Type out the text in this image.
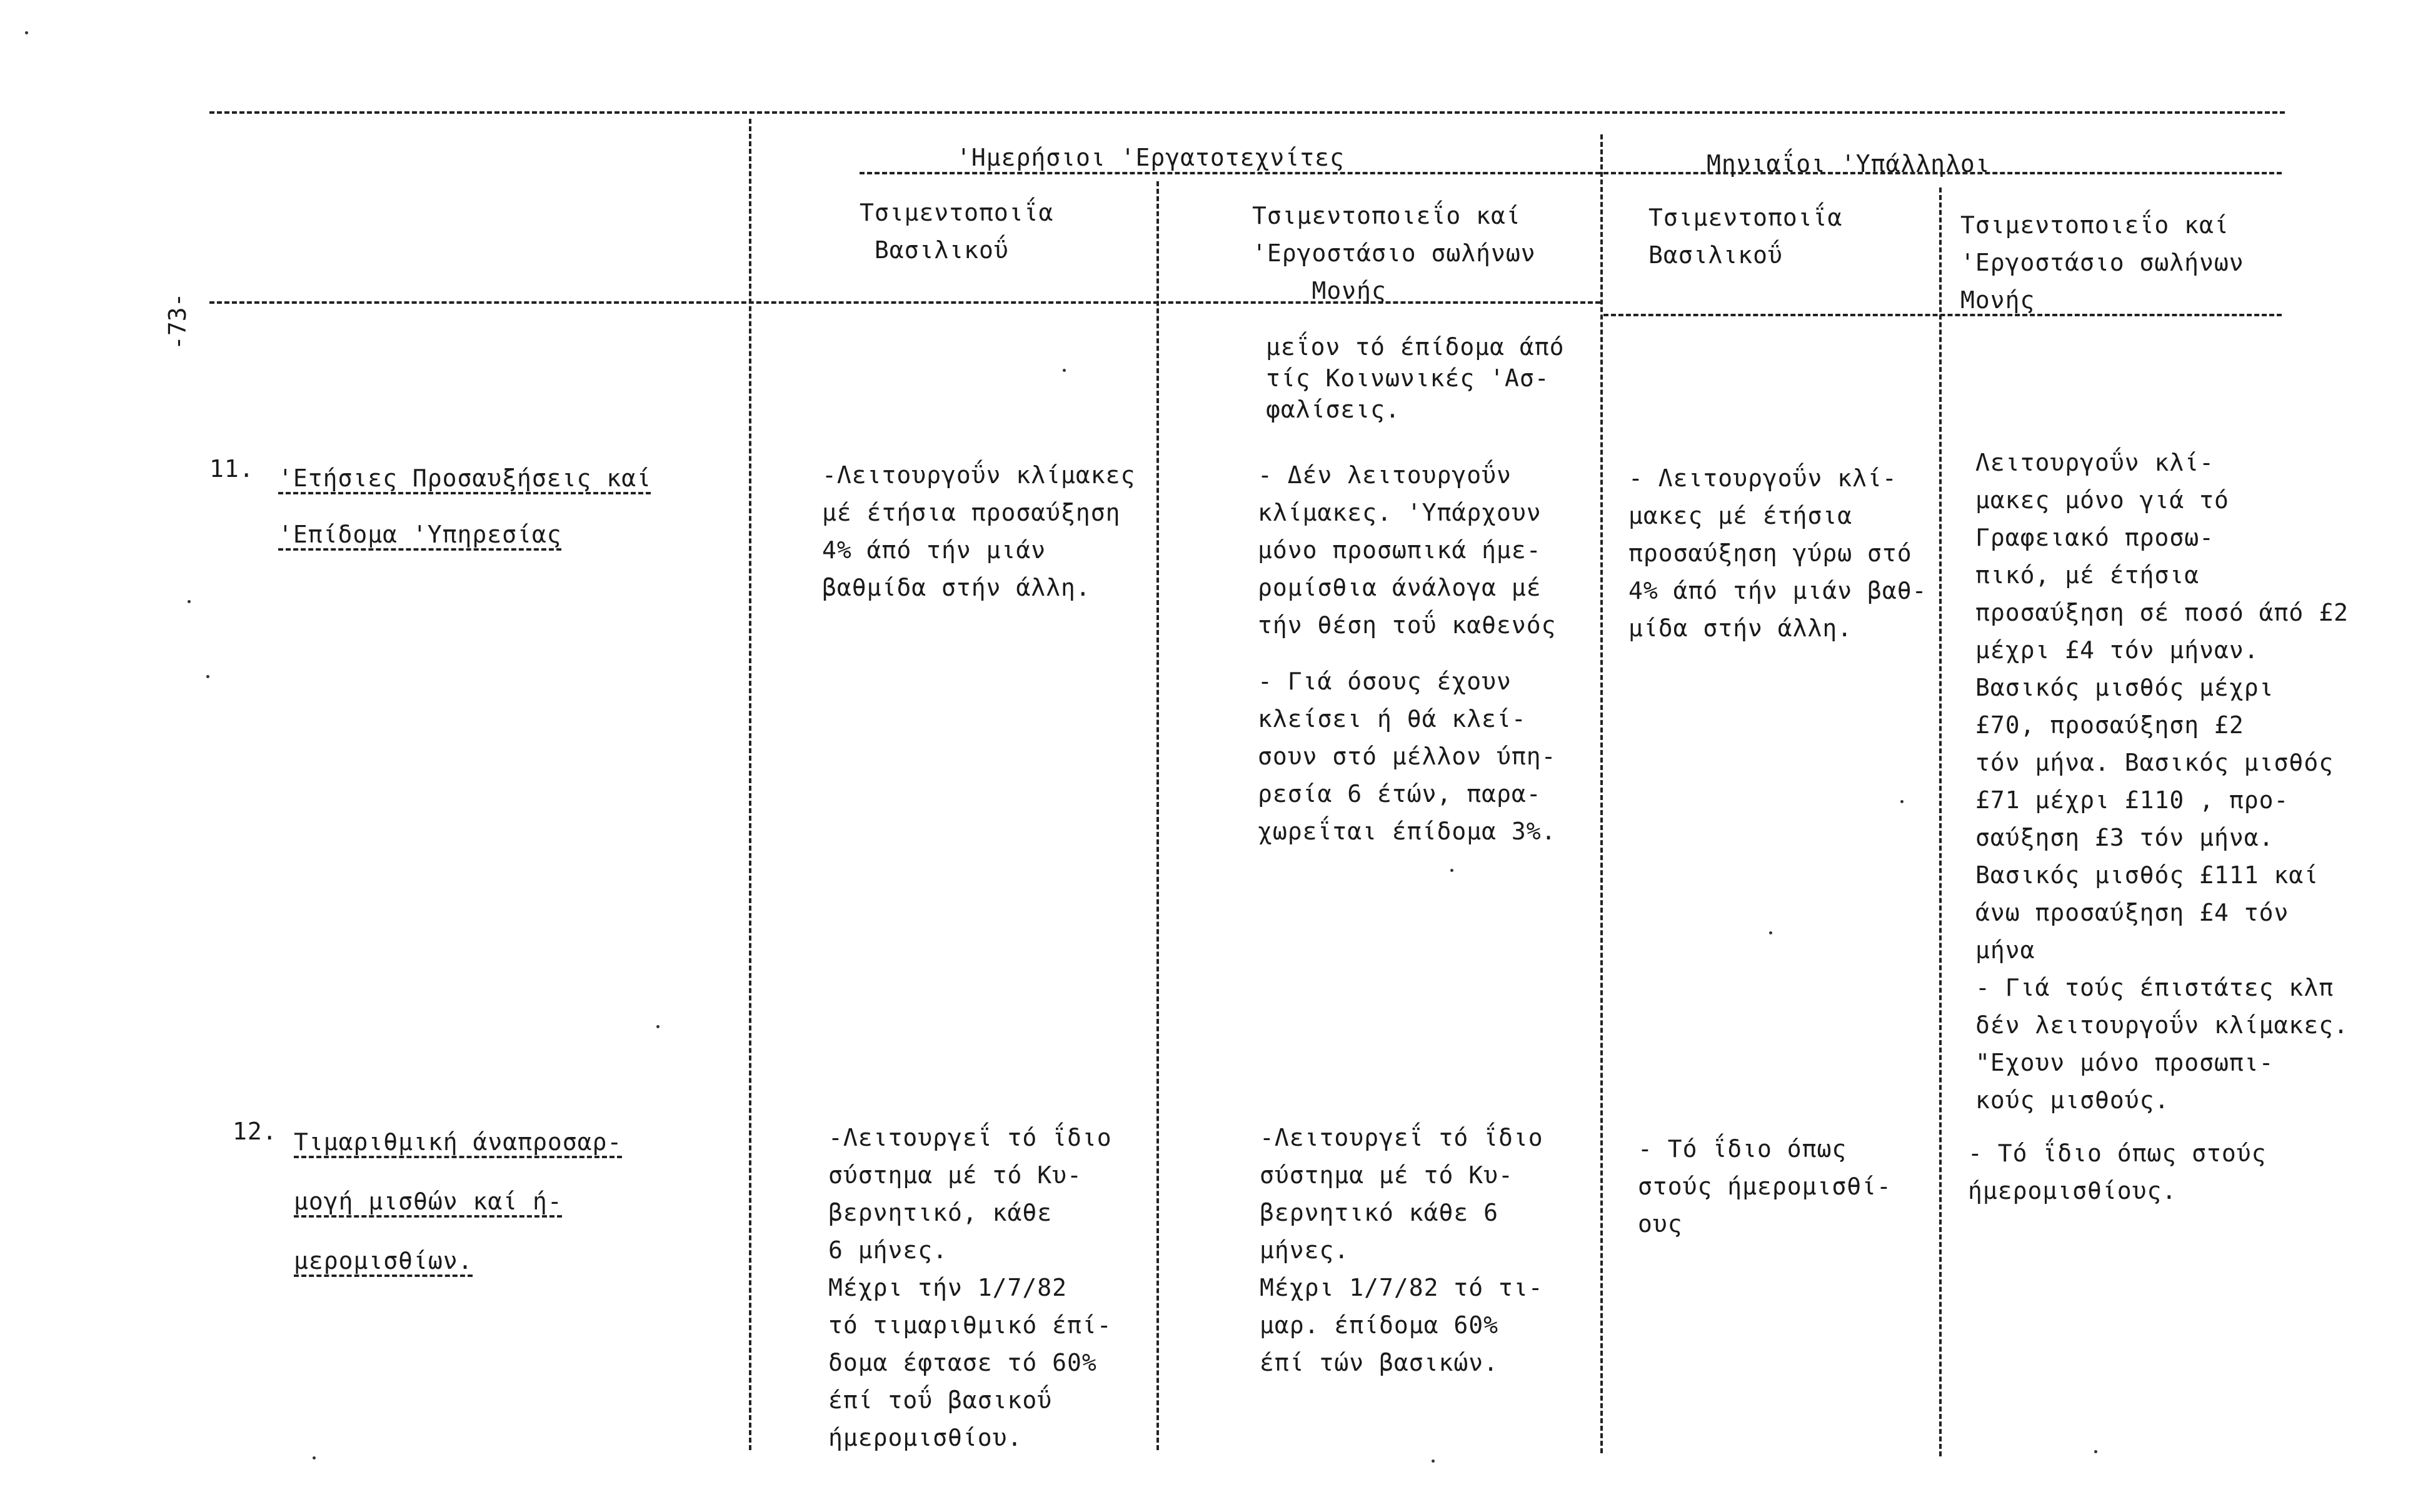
-73-
'Ημερήσιοι 'Εργατοτεχνίτες	Μηνιαΐοι 'Υπάλληλοι
Τσιμεντοποιΐα
Βασιλικοΰ
Τσιμεντοποιεΐο καί
'Εργοστάσιο σωλήνων
Μονής
Τσιμεντοποιΐα
Βασιλικοΰ
Τσιμεντοποιεΐο καί
'Εργοστάσιο σωλήνων
Μονής
μεΐον τό έπίδομα άπό
τίς Κοινωνικές 'Ασ-
φαλίσεις.
11. 'Ετήσιες Προσαυξήσεις καί
'Επίδομα 'Υπηρεσίας
-Λειτουργοΰν κλίμακες
μέ έτήσια προσαύξηση
4% άπό τήν μιάν
βαθμίδα στήν άλλη.
- Δέν λειτουργοΰν
κλίμακες. 'Υπάρχουν
μόνο προσωπικά ήμε-
ρομίσθια άνάλογα μέ
τήν θέση τοΰ καθενός
- Γιά όσους έχουν
κλείσει ή θά κλεί-
σουν στό μέλλον ύπη-
ρεσία 6 έτών, παρα-
χωρεΐται έπίδομα 3%.
- Λειτουργοΰν κλί-
μακες μέ έτήσια
προσαύξηση γύρω στό
4% άπό τήν μιάν βαθ-
μίδα στήν άλλη.
Λειτουργοΰν κλί-
μακες μόνο γιά τό
Γραφειακό προσω-
πικό, μέ έτήσια
προσαύξηση σέ ποσό άπό £2
μέχρι £4 τόν μήναν.
Βασικός μισθός μέχρι
£70, προσαύξηση £2
τόν μήνα. Βασικός μισθός
£71 μέχρι £110 , προ-
σαύξηση £3 τόν μήνα.
Βασικός μισθός £111 καί
άνω προσαύξηση £4 τόν
μήνα
- Γιά τούς έπιστάτες κλπ
δέν λειτουργοΰν κλίμακες.
"Εχουν μόνο προσωπι-
κούς μισθούς.
12. Τιμαριθμική άναπροσαρ-
μογή μισθών καί ή-
μερομισθίων.
-Λειτουργεΐ τό ΐδιο
σύστημα μέ τό Κυ-
βερνητικό, κάθε
6 μήνες.
Μέχρι τήν 1/7/82
τό τιμαριθμικό έπί-
δομα έφτασε τό 60%
έπί τοΰ βασικοΰ
ήμερομισθίου.
-Λειτουργεΐ τό ΐδιο
σύστημα μέ τό Κυ-
βερνητικό κάθε 6
μήνες.
Μέχρι 1/7/82 τό τι-
μαρ. έπίδομα 60%
έπί τών βασικών.
- Τό ΐδιο όπως
στούς ήμερομισθί-
ους
- Τό ΐδιο όπως στούς
ήμερομισθίους.
